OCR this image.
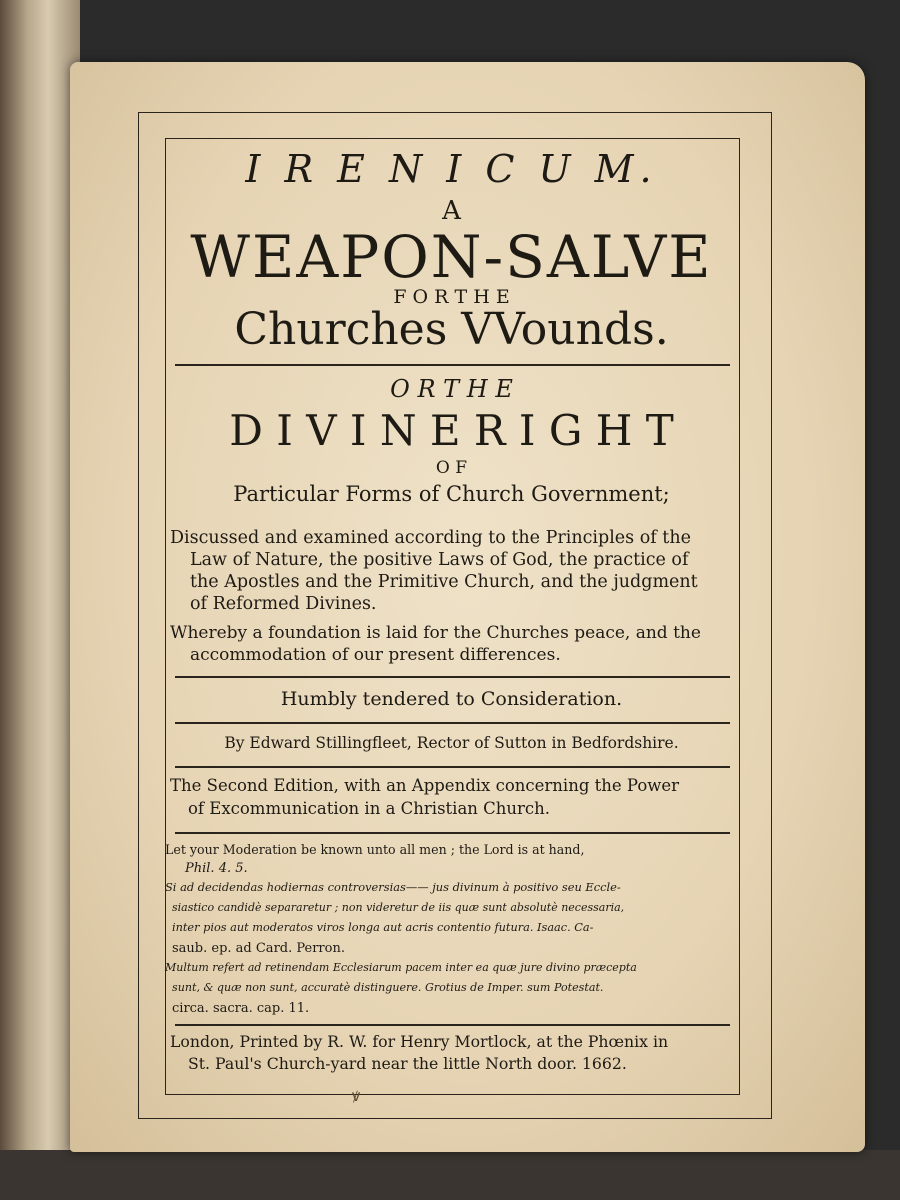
I R E N I C U M.
A
WEAPON-SALVE
F O R T H E
Churches VVounds.
O R T H E
D I V I N E R I G H T
O F
Particular Forms of Church Government;
Discussed and examined according to the Principles of the
Law of Nature, the positive Laws of God, the practice of
the Apostles and the Primitive Church, and the judgment
of Reformed Divines.
Whereby a foundation is laid for the Churches peace, and the
accommodation of our present differences.
Humbly tendered to Consideration.
By Edward Stillingfleet, Rector of Sutton in Bedfordshire.
The Second Edition, with an Appendix concerning the Power
of Excommunication in a Christian Church.
Let your Moderation be known unto all men ; the Lord is at hand,
Phil. 4. 5.
Si ad decidendas hodiernas controversias—— jus divinum à positivo seu Eccle-
siastico candidè separaretur ; non videretur de iis quæ sunt absolutè necessaria,
inter pios aut moderatos viros longa aut acris contentio futura. Isaac. Ca-
saub. ep. ad Card. Perron.
Multum refert ad retinendam Ecclesiarum pacem inter ea quæ jure divino præcepta
sunt, & quæ non sunt, accuratè distinguere. Grotius de Imper. sum Potestat.
circa. sacra. cap. 11.
London, Printed by R. W. for Henry Mortlock, at the Phœnix in
St. Paul's Church-yard near the little North door. 1662.
ꝟ
